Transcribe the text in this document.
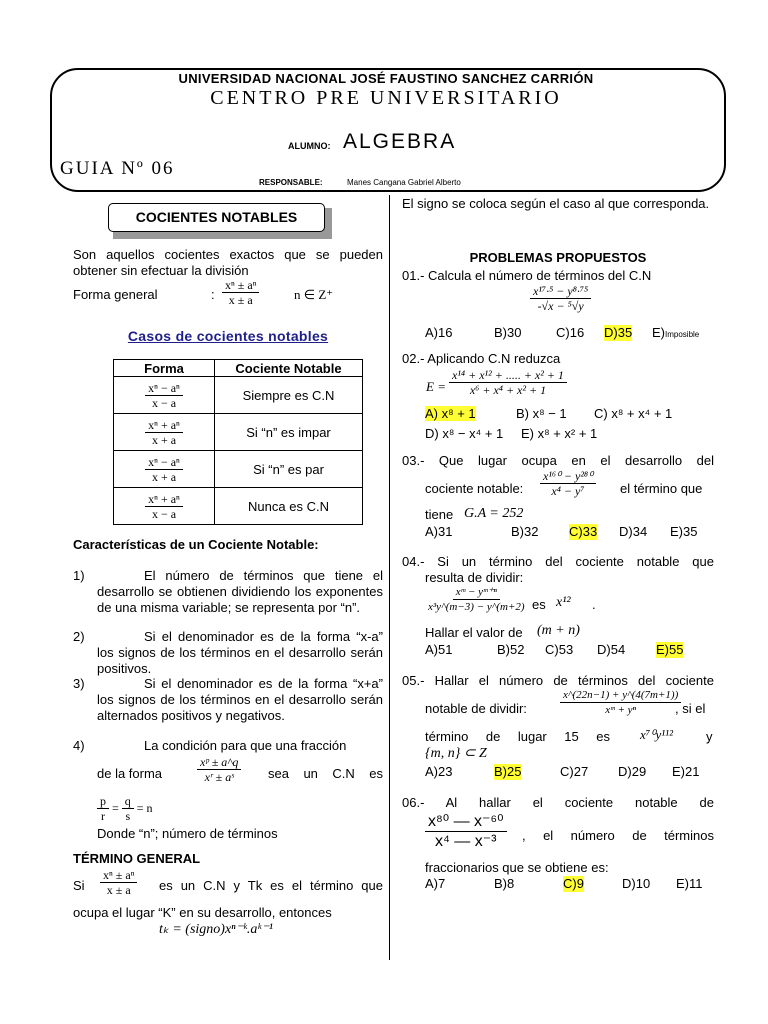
UNIVERSIDAD NACIONAL JOSÉ FAUSTINO SANCHEZ CARRIÓN
CENTRO PRE UNIVERSITARIO
ALUMNO: ALGEBRA
GUIA Nº 06
RESPONSABLE:	Manes Cangana Gabriel Alberto
COCIENTES NOTABLES
Son aquellos cocientes exactos que se pueden obtener sin efectuar la división
Forma general	: $\frac{\text{xⁿ ± aⁿ}}{x \pm a}$	n ∈ Z⁺
Casos de cocientes notables
Forma	Cociente Notable

$\frac{\text{xⁿ − aⁿ}}{x - a}$	Siempre es C.N

$\frac{\text{xⁿ + aⁿ}}{x + a}$	Si “n” es impar

$\frac{\text{xⁿ − aⁿ}}{x + a}$	Si “n” es par

$\frac{\text{xⁿ + aⁿ}}{x - a}$	Nunca es C.N
Características de un Cociente Notable:
1)	El número de términos que tiene el desarrollo se obtienen dividiendo los exponentes de una misma variable; se representa por “n”.
2)	Si el denominador es de la forma “x-a” los signos de los términos en el desarrollo serán positivos.
3)	Si el denominador es de la forma “x+a” los signos de los términos en el desarrollo serán alternados positivos y negativos.
4)	La condición para que una fracción
de la forma	$\frac{\text{xᵖ ± a\textasciicircum{}q}}{\text{xʳ ± aˢ}}$ sea un C.N es
$\frac{p}{r} = \frac{q}{s} = n$
Donde “n”; número de términos
TÉRMINO GENERAL
Si $\frac{\text{xⁿ ± aⁿ}}{x \pm a}$ es un C.N y Tk es el término que
ocupa el lugar “K” en su desarrollo, entonces
tₖ = (signo)xⁿ⁻ᵏ.aᵏ⁻¹
El signo se coloca según el caso al que corresponda.
PROBLEMAS PROPUESTOS
01.- Calcula el número de términos del C.N
$\frac{\text{x¹⁷·⁵ − y⁸·⁷⁵}}{\text{-√x − ⁵√y}}$
A)16	B)30	C)16 D)35 E)Imposible
02.- Aplicando C.N reduzca
$E = \frac{\text{x¹⁴ + x¹² + ..... + x² + 1}}{\text{x⁶ + x⁴ + x² + 1}}$
A) x⁸ + 1	B) x⁸ − 1 C) x⁸ + x⁴ + 1
D) x⁸ − x⁴ + 1 E) x⁸ + x² + 1
03.- Que lugar ocupa en el desarrollo del
cociente notable: $\frac{\text{x¹⁶⁰ − y²⁸⁰}}{\text{x⁴ − y⁷}}$ el término que
tiene G.A = 252
A)31	B)32 C)33 D)34 E)35
04.- Si un término del cociente notable que
resulta de dividir:
$\frac{\text{xᵐ − yᵐ⁺ⁿ}}{\text{x³y\textasciicircum{}(m−3) − y\textasciicircum{}(m+2)}}$ es x¹² .
Hallar el valor de (m + n)
A)51	B)52 C)53 D)54 E)55
05.- Hallar el número de términos del cociente
notable de dividir:	$\frac{x\^{}(22n-1) + y\^{}(4(7m+1))}{\text{xᵐ + yⁿ}}$
, si el
término de lugar 15 es x⁷⁰y¹¹²	y
{m, n} ⊂ Z
A)23	B)25	C)27 D)29 E)21
06.- Al hallar el cociente notable de
$\frac{\text{x⁸⁰ — x⁻⁶⁰}}{\text{x⁴ — x⁻³}}$ , el número de términos
fraccionarios que se obtiene es:
A)7	B)8	C)9	D)10 E)11
